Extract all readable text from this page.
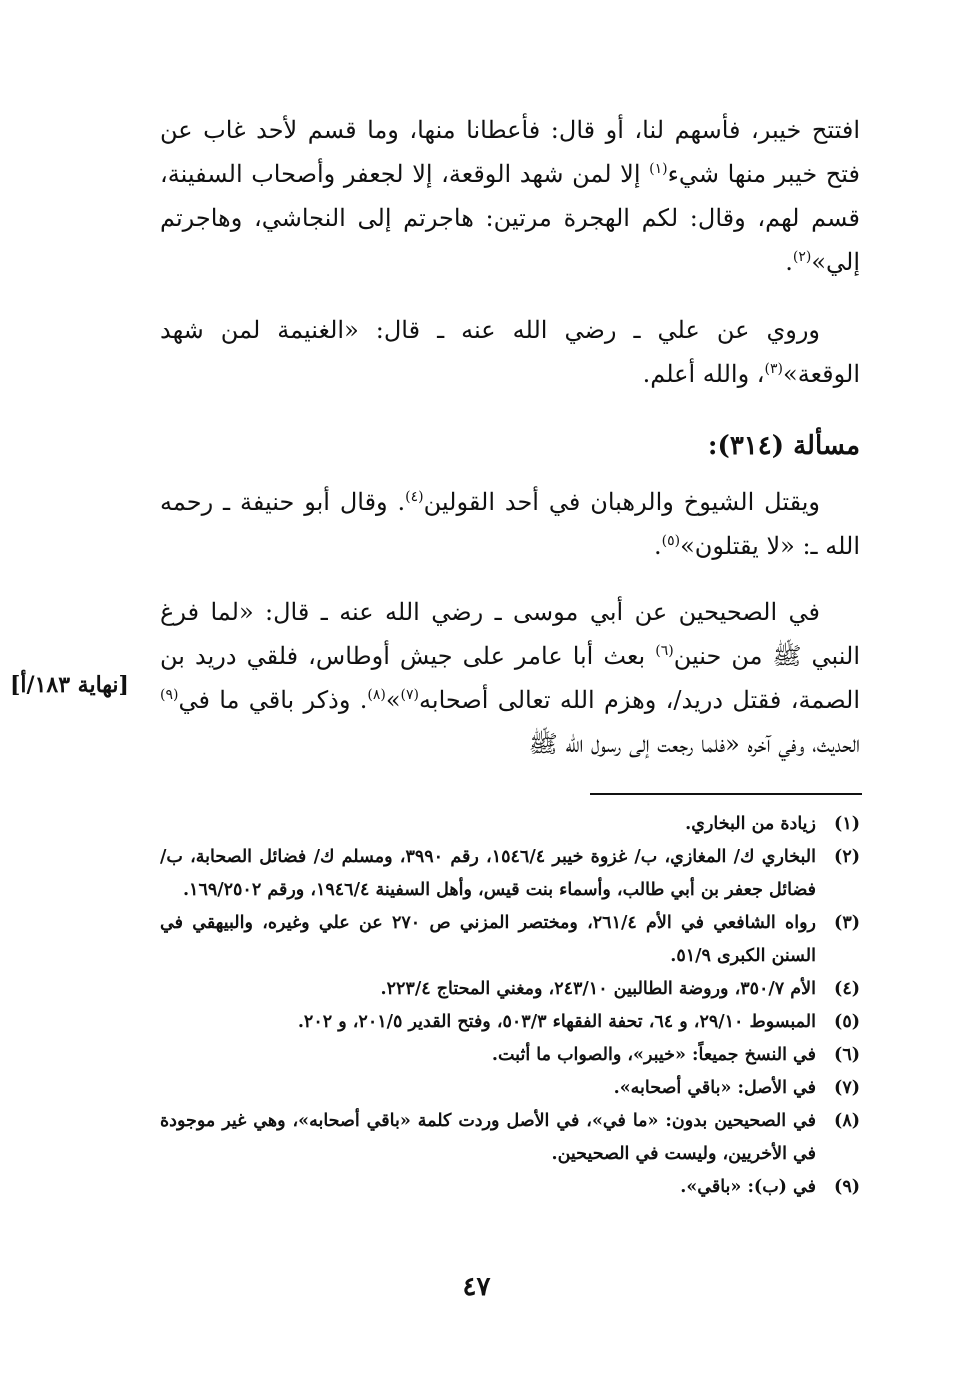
افتتح خيبر، فأسهم لنا، أو قال: فأعطانا منها، وما قسم لأحد غاب عن فتح خيبر منها شيء$^{(١)}$ إلا لمن شهد الوقعة، إلا لجعفر وأصحاب السفينة، قسم لهم، وقال: لكم الهجرة مرتين: هاجرتم إلى النجاشي، وهاجرتم إلي»$^{(٢)}$.

وروي عن علي ـ رضي الله عنه ـ قال: «الغنيمة لمن شهد الوقعة»$^{(٣)}$، والله أعلم.

مسألة (٣١٤):

ويقتل الشيوخ والرهبان في أحد القولين$^{(٤)}$. وقال أبو حنيفة ـ رحمه الله ـ: «لا يقتلون»$^{(٥)}$.

في الصحيحين عن أبي موسى ـ رضي الله عنه ـ قال: «لما فرغ النبي ﷺ من حنين$^{(٦)}$ بعث أبا عامر على جيش أوطاس، فلقي دريد بن الصمة، فقتل دريد/، وهزم الله تعالى أصحابه$^{(٧)}$»$^{(٨)}$. وذكر باقي ما في$^{(٩)}$ الحديث، وفي آخره «فلما رجعت إلى رسول الله ﷺ

[نهاية ١٨٣/أ]
(١)
زيادة من البخاري.
(٢)
البخاري ك/ المغازي، ب/ غزوة خيبر ١٥٤٦/٤، رقم ٣٩٩٠، ومسلم ك/ فضائل الصحابة، ب/ فضائل جعفر بن أبي طالب، وأسماء بنت قيس، وأهل السفينة ١٩٤٦/٤، ورقم ١٦٩/٢٥٠٢.
(٣)
رواه الشافعي في الأم ٢٦١/٤، ومختصر المزني ص ٢٧٠ عن علي وغيره، والبيهقي في السنن الكبرى ٥١/٩.
(٤)
الأم ٣٥٠/٧، وروضة الطالبين ٢٤٣/١٠، ومغني المحتاج ٢٢٣/٤.
(٥)
المبسوط ٢٩/١٠، و ٦٤، تحفة الفقهاء ٥٠٣/٣، وفتح القدير ٢٠١/٥، و ٢٠٢.
(٦)
في النسخ جميعاً: «خيبر»، والصواب ما أثبت.
(٧)
في الأصل: «باقي أصحابه».
(٨)
في الصحيحين بدون: «ما في»، في الأصل وردت كلمة «باقي أصحابه»، وهي غير موجودة في الأخريين، وليست في الصحيحين.
(٩)
في (ب): «باقي».
٤٧
